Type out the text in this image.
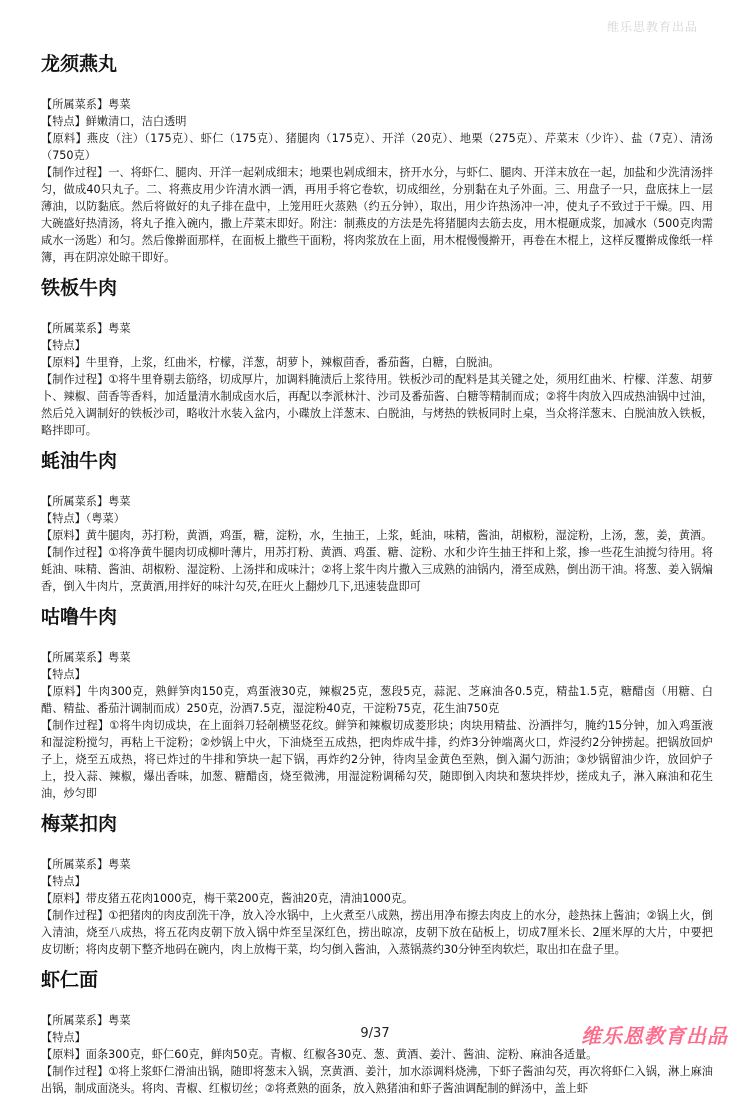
维乐思教育出品
龙须燕丸

【所属菜系】粤菜

【特点】鲜嫩清口，洁白透明

【原料】燕皮（注）（175克）、虾仁（175克）、猪腿肉（175克）、开洋（20克）、地栗（275克）、芹菜末（少许）、盐（7克）、清汤（750克）

【制作过程】一、将虾仁、腿肉、开洋一起剁成细末；地栗也剁成细末，挤开水分，与虾仁、腿肉、开洋末放在一起，加盐和少洗清汤拌匀，做成40只丸子。二、将燕皮用少许清水洒一洒，再用手将它卷软，切成细丝，分别黏在丸子外面。三、用盘子一只，盘底抹上一层薄油，以防黏底。然后将做好的丸子排在盘中，上笼用旺火蒸熟（约五分钟），取出，用少许热汤冲一冲，使丸子不致过于干燥。四、用大碗盛好热清汤，将丸子推入碗内，撒上芹菜末即好。附注：制燕皮的方法是先将猪腿肉去筋去皮，用木棍砸成浆，加减水（500克肉需咸水一汤匙）和匀。然后像擀面那样，在面板上撒些干面粉，将肉浆放在上面，用木棍慢慢擀开，再卷在木棍上，这样反覆擀成像纸一样簿，再在阴凉处晾干即好。

铁板牛肉

【所属菜系】粤菜

【特点】

【原料】牛里脊，上浆，红曲米，柠檬，洋葱，胡萝卜，辣椒茴香，番茄酱，白糖，白脱油。

【制作过程】①将牛里脊剔去筋络，切成厚片，加调料腌渍后上浆待用。铁板沙司的配料是其关键之处，须用红曲米、柠檬、洋葱、胡萝卜、辣椒、茴香等香料，加适量清水制成卤水后，再配以李派林汁、沙司及番茄酱、白糖等精制而成；②将牛肉放入四成热油锅中过油，然后兑入调制好的铁板沙司，略收汁水装入盆内，小碟放上洋葱末、白脱油，与烤热的铁板同时上桌，当众将洋葱末、白脱油放入铁板，略拌即可。

蚝油牛肉

【所属菜系】粤菜

【特点】（粤菜）

【原料】黄牛腿肉，苏打粉，黄酒，鸡蛋，糖，淀粉，水，生抽王，上浆，蚝油，味精，酱油，胡椒粉，湿淀粉，上汤，葱，姜，黄酒。

【制作过程】①将净黄牛腿肉切成柳叶薄片，用苏打粉、黄酒、鸡蛋、糖、淀粉、水和少许生抽王拌和上浆，掺一些花生油搅匀待用。将蚝油、味精、酱油、胡椒粉、湿淀粉、上汤拌和成味汁；②将上浆牛肉片撒入三成熟的油锅内，滑至成熟，倒出沥干油。将葱、姜入锅煸香，倒入牛肉片，烹黄酒,用拌好的味汁勾芡,在旺火上翻炒几下,迅速装盘即可

咕噜牛肉

【所属菜系】粤菜

【特点】

【原料】牛肉300克，熟鲜笋肉150克，鸡蛋液30克，辣椒25克，葱段5克，蒜泥、芝麻油各0.5克，精盐1.5克，糖醋卤（用糖、白醋、精盐、番茄汁调制而成）250克，汾酒7.5克，湿淀粉40克，干淀粉75克，花生油750克

【制作过程】①将牛肉切成块，在上面斜刀轻剞横竖花纹。鲜笋和辣椒切成菱形块；肉块用精盐、汾酒拌匀，腌约15分钟，加入鸡蛋液和湿淀粉搅匀，再粘上干淀粉；②炒锅上中火，下油烧至五成热，把肉炸成牛排，约炸3分钟端离火口，炸浸约2分钟捞起。把锅放回炉子上，烧至五成热，将已炸过的牛排和笋块一起下锅，再炸约2分钟，待肉呈金黄色至熟，倒入漏勺沥油；③炒锅留油少许，放回炉子上，投入蒜、辣椒，爆出香味，加葱、糖醋卤，烧至微沸，用湿淀粉调稀勾芡，随即倒入肉块和葱块拌炒，搓成丸子，淋入麻油和花生油，炒匀即

梅菜扣肉

【所属菜系】粤菜

【特点】

【原料】带皮猪五花肉1000克，梅干菜200克，酱油20克，清油1000克。

【制作过程】①把猪肉的肉皮刮洗干净，放入冷水锅中，上火煮至八成熟，捞出用净布擦去肉皮上的水分，趁热抹上酱油；②锅上火，倒入清油，烧至八成热，将五花肉皮朝下放入锅中炸至呈深红色，捞出晾凉，皮朝下放在砧板上，切成7厘米长、2厘米厚的大片，中要把皮切断；将肉皮朝下整齐地码在碗内，肉上放梅干菜，均匀倒入酱油，入蒸锅蒸约30分钟至肉软烂，取出扣在盘子里。

虾仁面

【所属菜系】粤菜

【特点】

【原料】面条300克，虾仁60克，鲜肉50克。青椒、红椒各30克、葱、黄酒、姜汁、酱油、淀粉、麻油各适量。

【制作过程】①将上浆虾仁滑油出锅，随即将葱末入锅，烹黄酒、姜汁，加水添调料烧沸，下虾子酱油勾芡，再次将虾仁入锅，淋上麻油出锅，制成面浇头。将肉、青椒、红椒切丝；②将煮熟的面条，放入熟猪油和虾子酱油调配制的鲜汤中，盖上虾

9/37	维乐恩教育出品
